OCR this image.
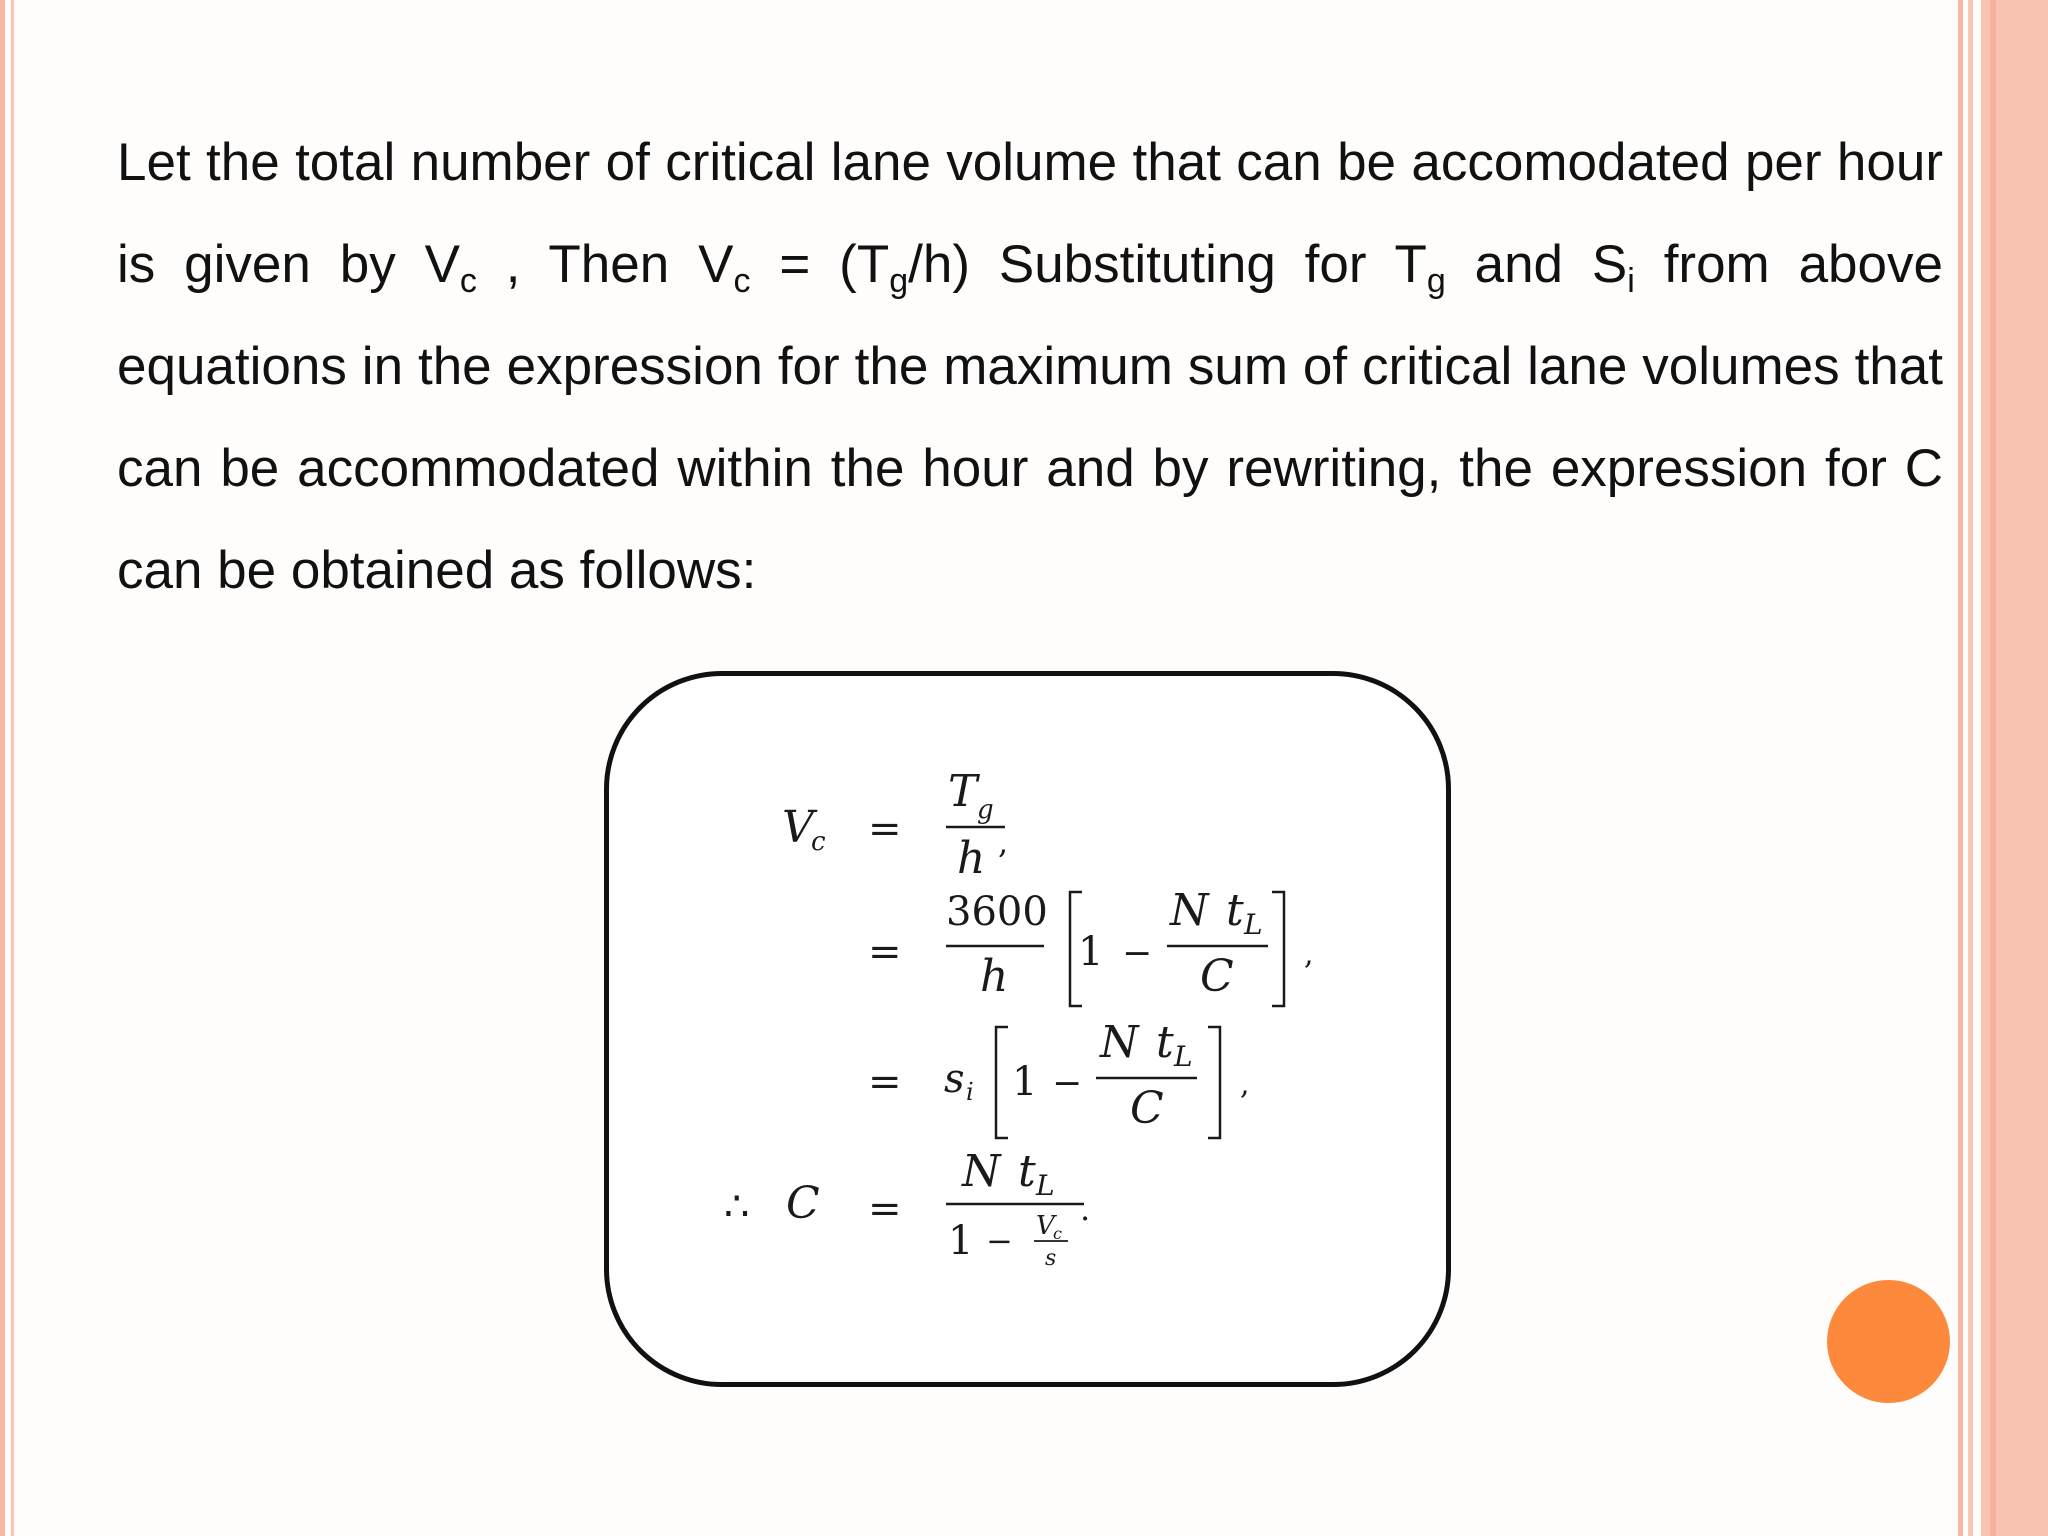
Let the total number of critical lane volume that can be accomodated per hour is given by $V_c$ , Then $V_c = (T_g/h)$ Substituting for $T_g$ and $S_i$ from above equations in the expression for the maximum sum of critical lane volumes that can be accommodated within the hour and by rewriting, the expression for C can be obtained as follows:

V
c =
T g
h ,
=
3600
h 1 −
N t L
C ,
= s i 1 −
N t L
C	,
∴ C =
N t L
1 − V
c
s
.
